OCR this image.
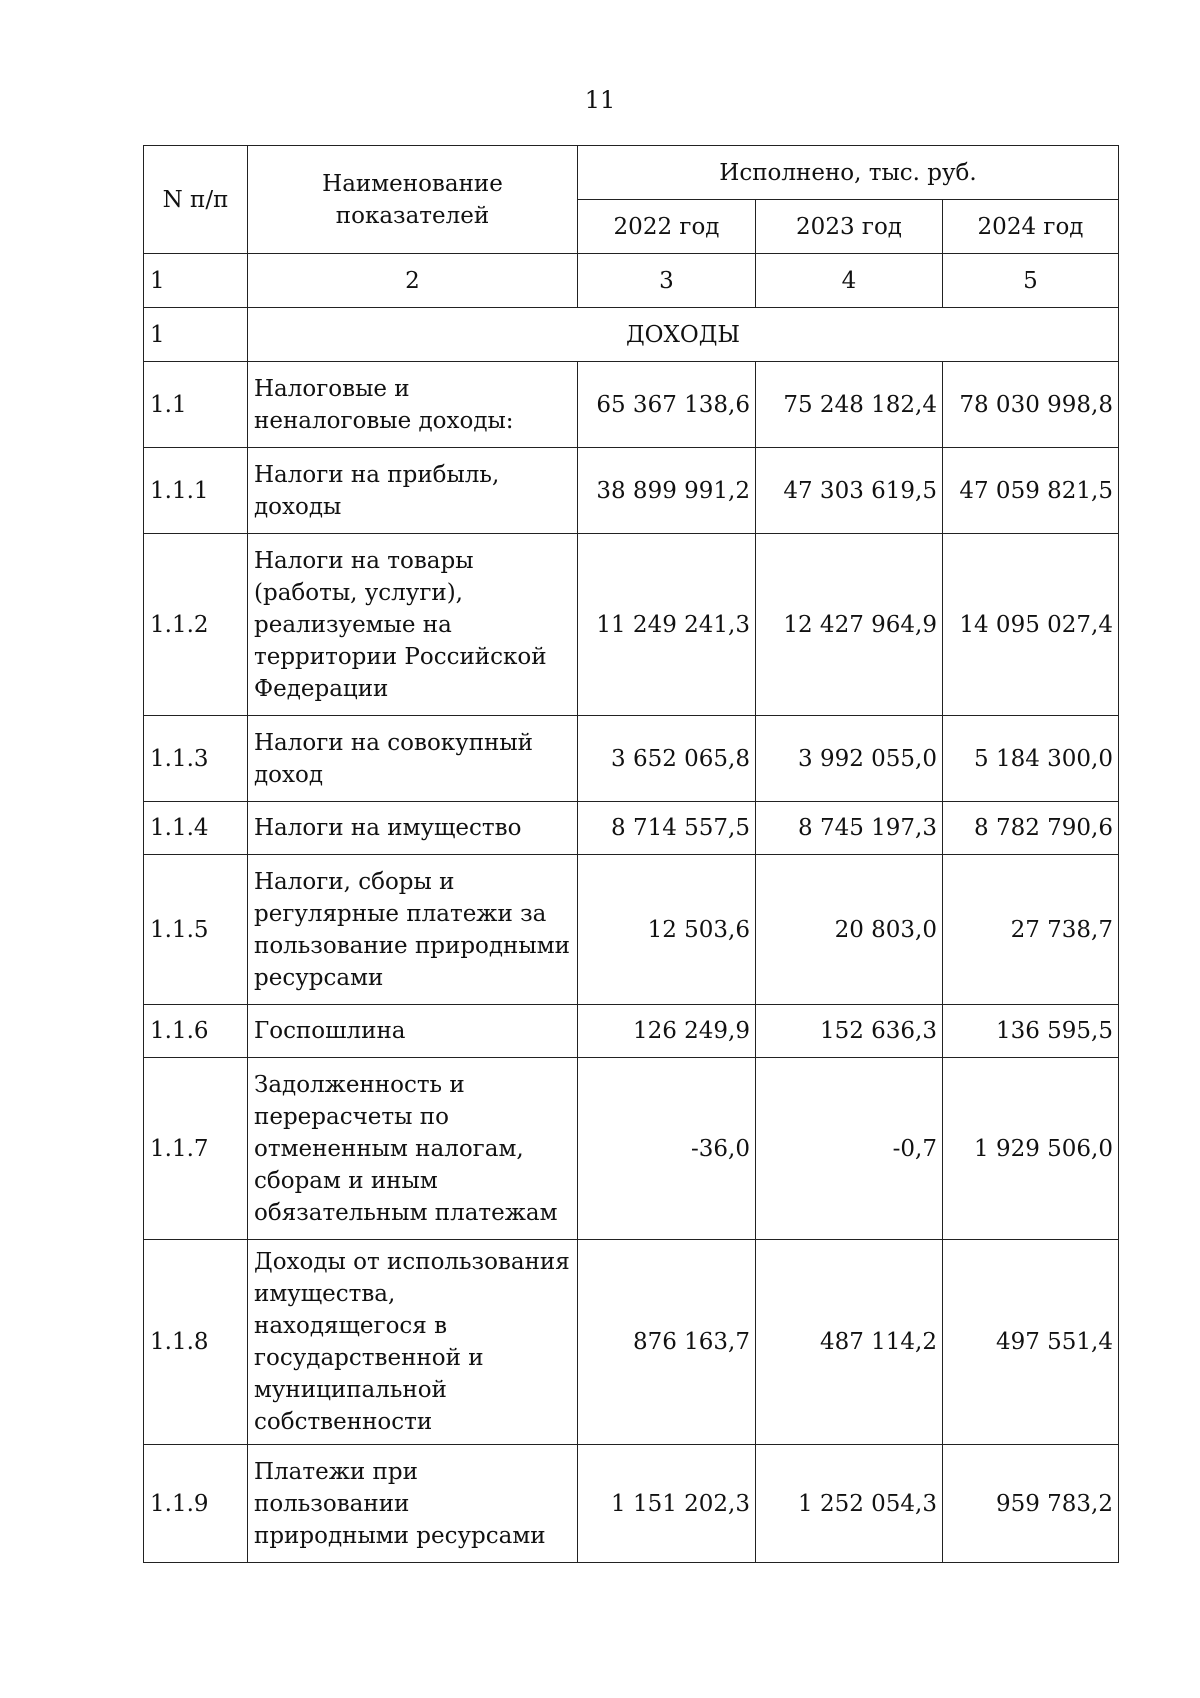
11
N п/п	Наименование показателей	Исполнено, тыс. руб.		
		2022 год	2023 год	2024 год
1	2	3	4	5
1	ДОХОДЫ			
1.1	Налоговые и неналоговые доходы:	65 367 138,6	75 248 182,4	78 030 998,8
1.1.1	Налоги на прибыль, доходы	38 899 991,2	47 303 619,5	47 059 821,5
1.1.2	Налоги на товары (работы, услуги), реализуемые на территории Российской Федерации	11 249 241,3	12 427 964,9	14 095 027,4
1.1.3	Налоги на совокупный доход	3 652 065,8	3 992 055,0	5 184 300,0
1.1.4	Налоги на имущество	8 714 557,5	8 745 197,3	8 782 790,6
1.1.5	Налоги, сборы и регулярные платежи за пользование природными ресурсами	12 503,6	20 803,0	27 738,7
1.1.6	Госпошлина	126 249,9	152 636,3	136 595,5
1.1.7	Задолженность и перерасчеты по отмененным налогам, сборам и иным обязательным платежам	-36,0	-0,7	1 929 506,0
1.1.8	Доходы от использования имущества, находящегося в государственной и муниципальной собственности	876 163,7	487 114,2	497 551,4
1.1.9	Платежи при пользовании природными ресурсами	1 151 202,3	1 252 054,3	959 783,2
